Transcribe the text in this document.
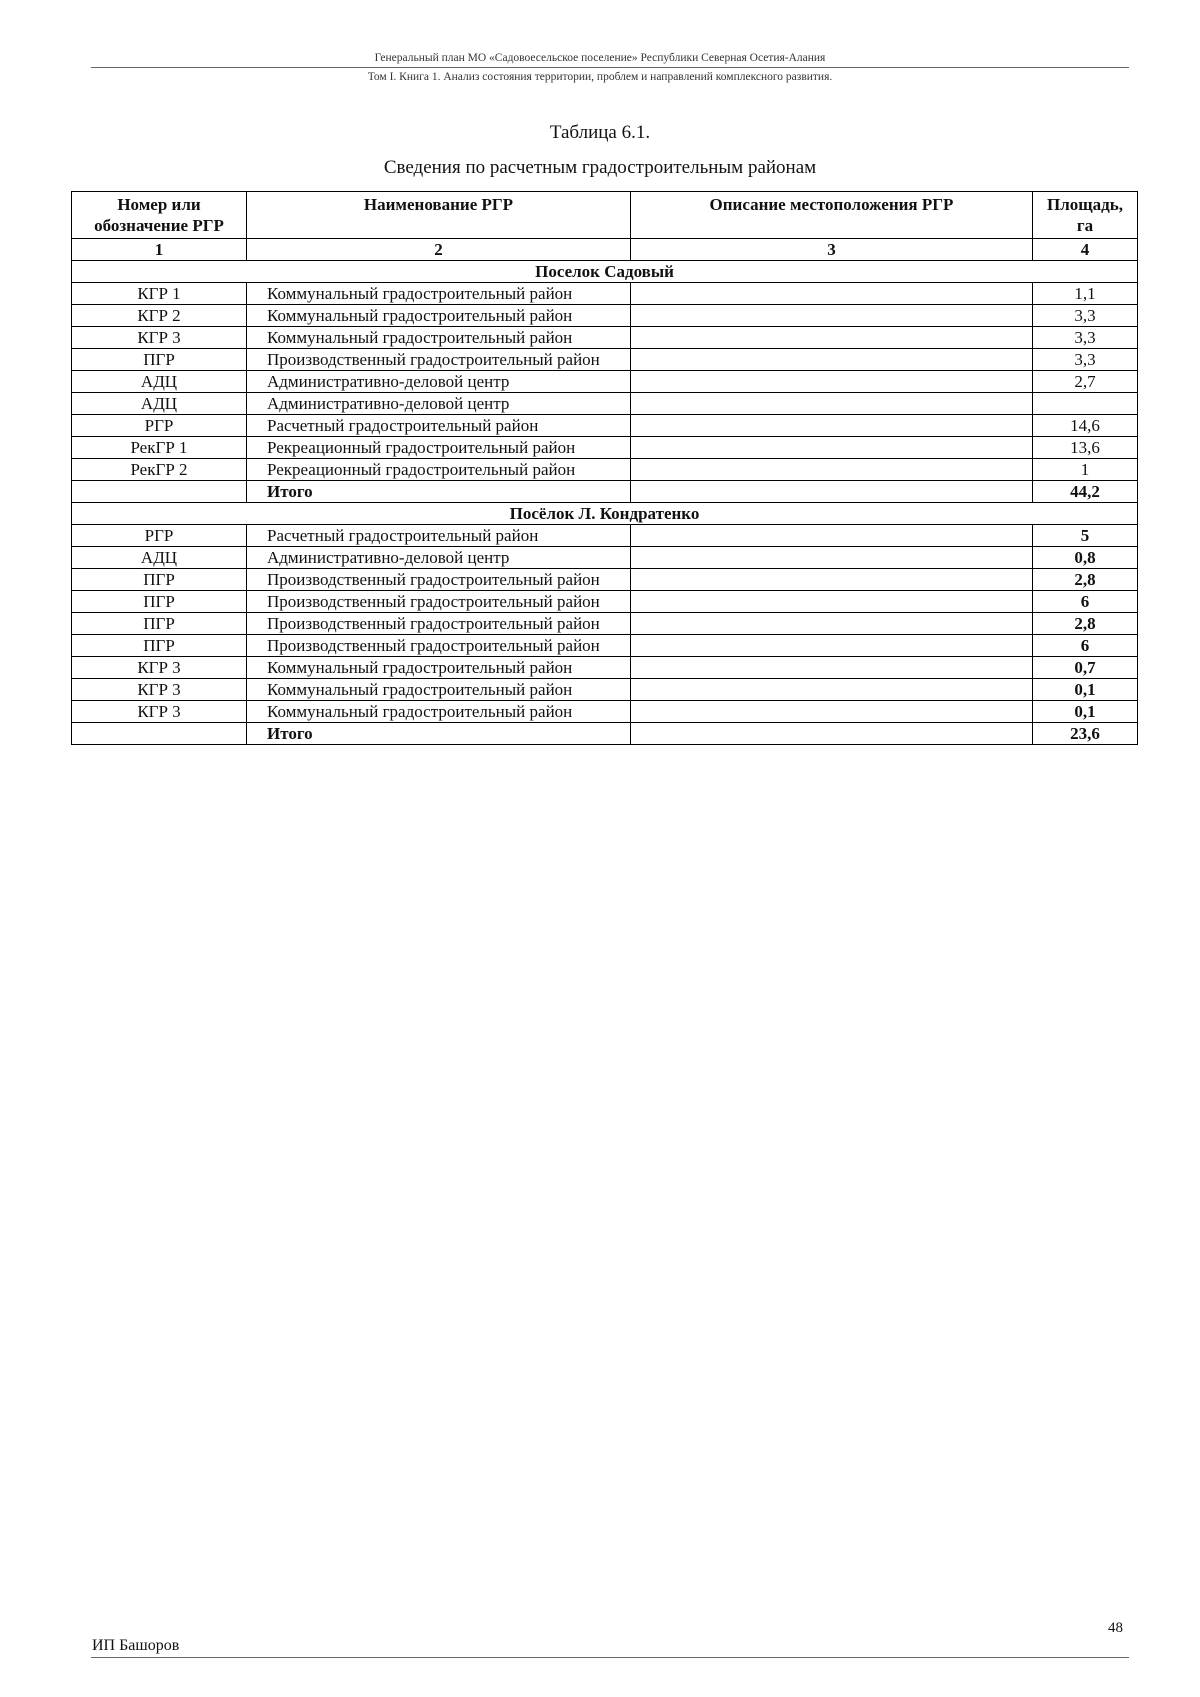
Генеральный план МО «Садовоесельское поселение» Республики Северная Осетия-Алания
Том I. Книга 1. Анализ состояния территории, проблем и направлений комплексного развития.
Таблица 6.1.
Сведения по расчетным градостроительным районам
Номер или обозначение РГР	Наименование РГР	Описание местоположения РГР	Площадь, га
1	2	3	4
Поселок Садовый			
КГР 1	Коммунальный градостроительный район		1,1
КГР 2	Коммунальный градостроительный район		3,3
КГР 3	Коммунальный градостроительный район		3,3
ПГР	Производственный градостроительный район		3,3
АДЦ	Административно-деловой центр		2,7
АДЦ	Административно-деловой центр		
РГР	Расчетный градостроительный район		14,6
РекГР 1	Рекреационный градостроительный район		13,6
РекГР 2	Рекреационный градостроительный район		1
	Итого		44,2
Посёлок Л. Кондратенко			
РГР	Расчетный градостроительный район		5
АДЦ	Административно-деловой центр		0,8
ПГР	Производственный градостроительный район		2,8
ПГР	Производственный градостроительный район		6
ПГР	Производственный градостроительный район		2,8
ПГР	Производственный градостроительный район		6
КГР 3	Коммунальный градостроительный район		0,7
КГР 3	Коммунальный градостроительный район		0,1
КГР 3	Коммунальный градостроительный район		0,1
	Итого		23,6
48
ИП Башоров
